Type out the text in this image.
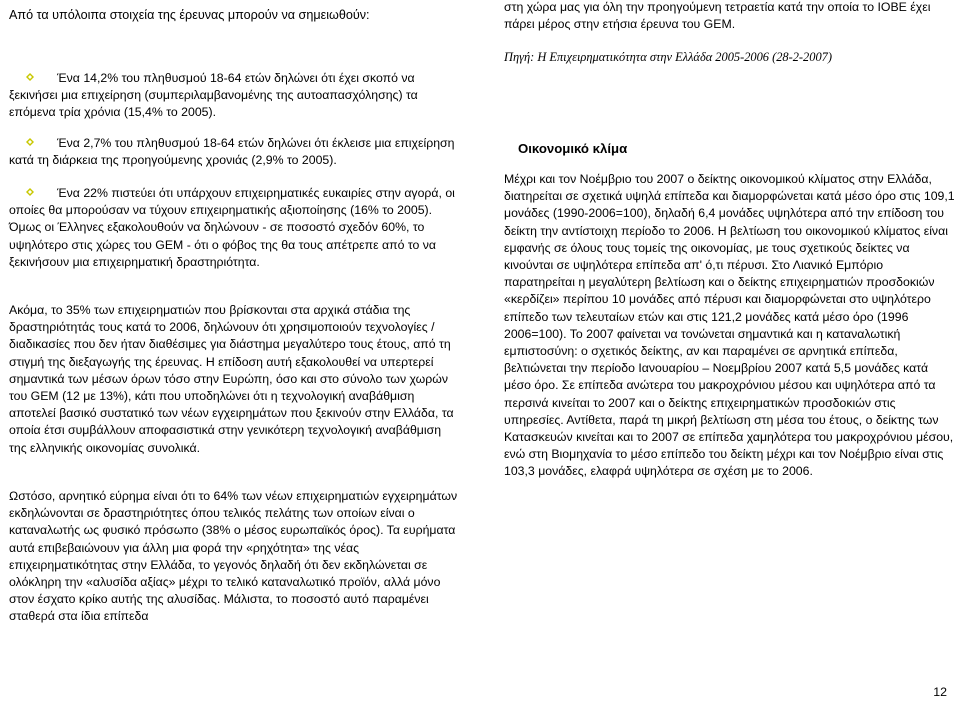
Από τα υπόλοιπα στοιχεία της έρευνας μπορούν να σημειωθούν:

Ένα 14,2% του πληθυσμού 18-64 ετών δηλώνει ότι έχει σκοπό να ξεκινήσει μια επιχείρηση (συμπεριλαμβανομένης της αυτοαπασχόλησης) τα επόμενα τρία χρόνια (15,4% το 2005).

Ένα 2,7% του πληθυσμού 18-64 ετών δηλώνει ότι έκλεισε μια επιχείρηση κατά τη διάρκεια της προηγούμενης χρονιάς (2,9% το 2005).

Ένα 22% πιστεύει ότι υπάρχουν επιχειρηματικές ευκαιρίες στην αγορά, οι οποίες θα μπορούσαν να τύχουν επιχειρηματικής αξιοποίησης (16% το 2005). Όμως οι Έλληνες εξακολουθούν να δηλώνουν - σε ποσοστό σχεδόν 60%, το υψηλότερο στις χώρες του GEM - ότι ο φόβος της θα τους απέτρεπε από το να ξεκινήσουν μια επιχειρηματική δραστηριότητα.

Ακόμα, το 35% των επιχειρηματιών που βρίσκονται στα αρχικά στάδια της δραστηριότητάς τους κατά το 2006, δηλώνουν ότι χρησιμοποιούν τεχνολογίες / διαδικασίες που δεν ήταν διαθέσιμες για διάστημα μεγαλύτερο τους έτους, από τη στιγμή της διεξαγωγής της έρευνας. Η επίδοση αυτή εξακολουθεί να υπερτερεί σημαντικά των μέσων όρων τόσο στην Ευρώπη, όσο και στο σύνολο των χωρών του GEM (12 με 13%), κάτι που υποδηλώνει ότι η τεχνολογική αναβάθμιση αποτελεί βασικό συστατικό των νέων εγχειρημάτων που ξεκινούν στην Ελλάδα, τα οποία έτσι συμβάλλουν αποφασιστικά στην γενικότερη τεχνολογική αναβάθμιση της ελληνικής οικονομίας συνολικά.

Ωστόσο, αρνητικό εύρημα είναι ότι το 64% των νέων επιχειρηματιών εγχειρημάτων εκδηλώνονται σε δραστηριότητες όπου τελικός πελάτης των οποίων είναι ο καταναλωτής ως φυσικό πρόσωπο (38% ο μέσος ευρωπαϊκός όρος). Τα ευρήματα αυτά επιβεβαιώνουν για άλλη μια φορά την «ρηχότητα» της νέας επιχειρηματικότητας στην Ελλάδα, το γεγονός δηλαδή ότι δεν εκδηλώνεται σε ολόκληρη την «αλυσίδα αξίας» μέχρι το τελικό καταναλωτικό προϊόν, αλλά μόνο στον έσχατο κρίκο αυτής της αλυσίδας. Μάλιστα, το ποσοστό αυτό παραμένει σταθερά στα ίδια επίπεδα

στη χώρα μας για όλη την προηγούμενη τετραετία κατά την οποία το ΙΟΒΕ έχει πάρει μέρος στην ετήσια έρευνα του GEM.

Πηγή: Η Επιχειρηματικότητα στην Ελλάδα 2005-2006 (28-2-2007)

Οικονομικό κλίμα

Μέχρι και τον Νοέμβριο του 2007 ο δείκτης οικονομικού κλίματος στην Ελλάδα, διατηρείται σε σχετικά υψηλά επίπεδα και διαμορφώνεται κατά μέσο όρο στις 109,1 μονάδες (1990-2006=100), δηλαδή 6,4 μονάδες υψηλότερα από την επίδοση του δείκτη την αντίστοιχη περίοδο το 2006. Η βελτίωση του οικονομικού κλίματος είναι εμφανής σε όλους τους τομείς της οικονομίας, με τους σχετικούς δείκτες να κινούνται σε υψηλότερα επίπεδα απ' ό,τι πέρυσι. Στο Λιανικό Εμπόριο παρατηρείται η μεγαλύτερη βελτίωση και ο δείκτης επιχειρηματιών προσδοκιών «κερδίζει» περίπου 10 μονάδες από πέρυσι και διαμορφώνεται στο υψηλότερο επίπεδο των τελευταίων ετών και στις 121,2 μονάδες κατά μέσο όρο (1996 2006=100). Το 2007 φαίνεται να τονώνεται σημαντικά και η καταναλωτική εμπιστοσύνη: ο σχετικός δείκτης, αν και παραμένει σε αρνητικά επίπεδα, βελτιώνεται την περίοδο Ιανουαρίου – Νοεμβρίου 2007 κατά 5,5 μονάδες κατά μέσο όρο. Σε επίπεδα ανώτερα του μακροχρόνιου μέσου και υψηλότερα από τα περσινά κινείται το 2007 και ο δείκτης επιχειρηματικών προσδοκιών στις υπηρεσίες. Αντίθετα, παρά τη μικρή βελτίωση στη μέσα του έτους, ο δείκτης των Κατασκευών κινείται και το 2007 σε επίπεδα χαμηλότερα του μακροχρόνιου μέσου, ενώ στη Βιομηχανία το μέσο επίπεδο του δείκτη μέχρι και τον Νοέμβριο είναι στις 103,3 μονάδες, ελαφρά υψηλότερα σε σχέση με το 2006.

12
